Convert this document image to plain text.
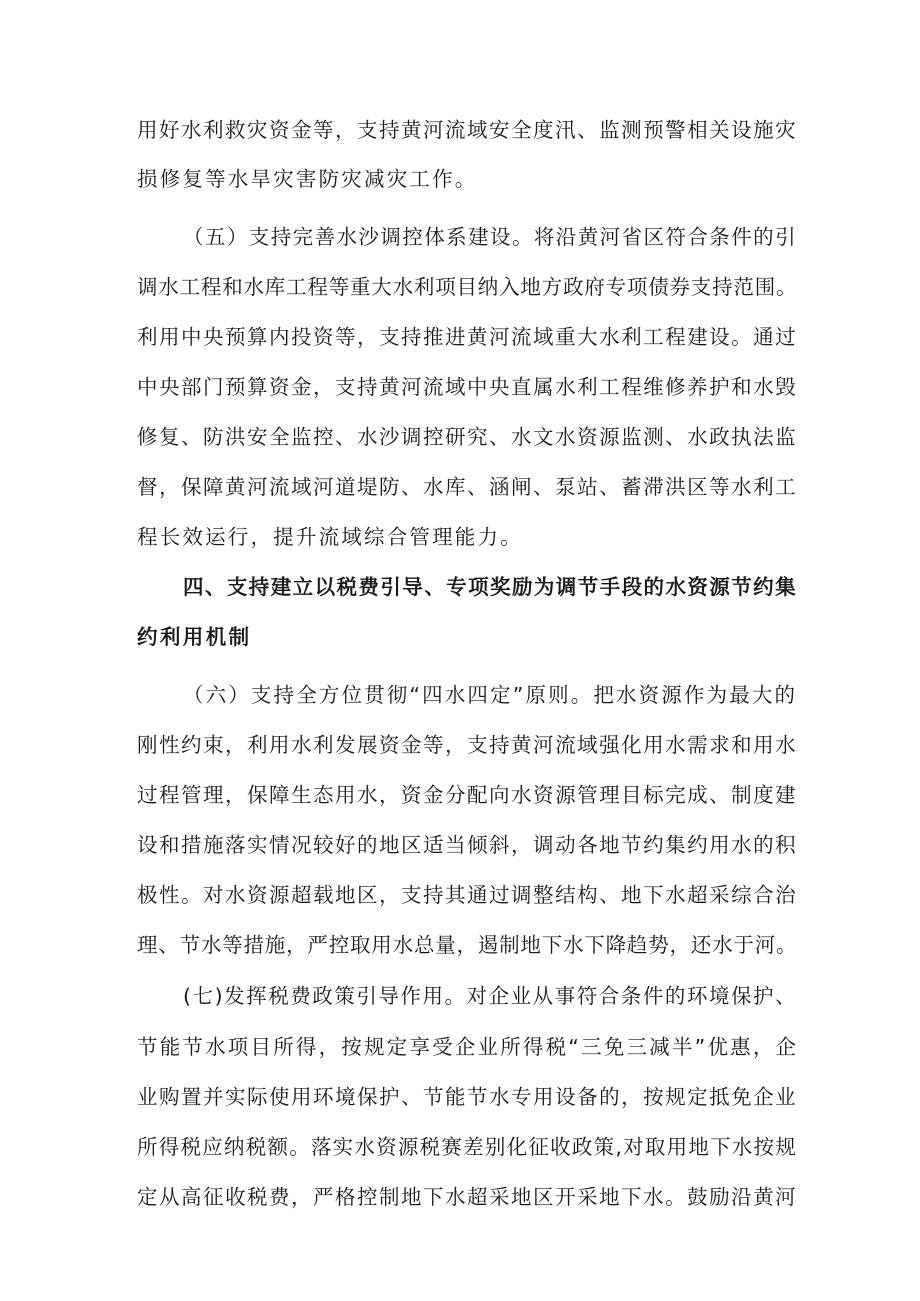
用好水利救灾资金等，支持黄河流域安全度汛、监测预警相关设施灾
损修复等水旱灾害防灾减灾工作。
（五）支持完善水沙调控体系建设。将沿黄河省区符合条件的引
调水工程和水库工程等重大水利项目纳入地方政府专项债券支持范围。
利用中央预算内投资等，支持推进黄河流域重大水利工程建设。通过
中央部门预算资金，支持黄河流域中央直属水利工程维修养护和水毁
修复、防洪安全监控、水沙调控研究、水文水资源监测、水政执法监
督，保障黄河流域河道堤防、水库、涵闸、泵站、蓄滞洪区等水利工
程长效运行，提升流域综合管理能力。
四、支持建立以税费引导、专项奖励为调节手段的水资源节约集
约利用机制
（六）支持全方位贯彻“四水四定”原则。把水资源作为最大的
刚性约束，利用水利发展资金等，支持黄河流域强化用水需求和用水
过程管理，保障生态用水，资金分配向水资源管理目标完成、制度建
设和措施落实情况较好的地区适当倾斜，调动各地节约集约用水的积
极性。对水资源超载地区，支持其通过调整结构、地下水超采综合治
理、节水等措施，严控取用水总量，遏制地下水下降趋势，还水于河。
(七)发挥税费政策引导作用。对企业从事符合条件的环境保护、
节能节水项目所得，按规定享受企业所得税“三免三减半”优惠，企
业购置并实际使用环境保护、节能节水专用设备的，按规定抵免企业
所得税应纳税额。落实水资源税赛差别化征收政策,对取用地下水按规
定从高征收税费，严格控制地下水超采地区开采地下水。鼓励沿黄河
